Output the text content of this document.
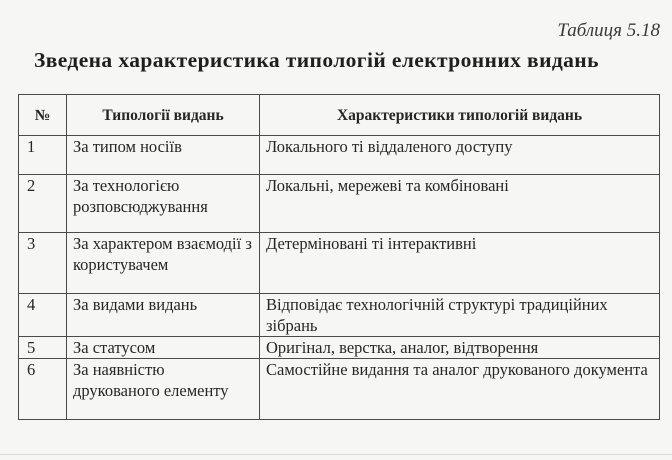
Таблиця 5.18
Зведена характеристика типологій електронних видань
№	Типології видань	Характеристики типологій видань
1	За типом носіїв	Локального ті віддаленого доступу
2	За технологією розповсюджування	Локальні, мережеві та комбіновані
3	За характером взаємодії з користувачем	Детерміновані ті інтерактивні
4	За видами видань	Відповідає технологічній структурі традиційних зібрань
5	За статусом	Оригінал, верстка, аналог, відтворення
6	За наявністю друкованого елементу	Самостійне видання та аналог друкованого документа
